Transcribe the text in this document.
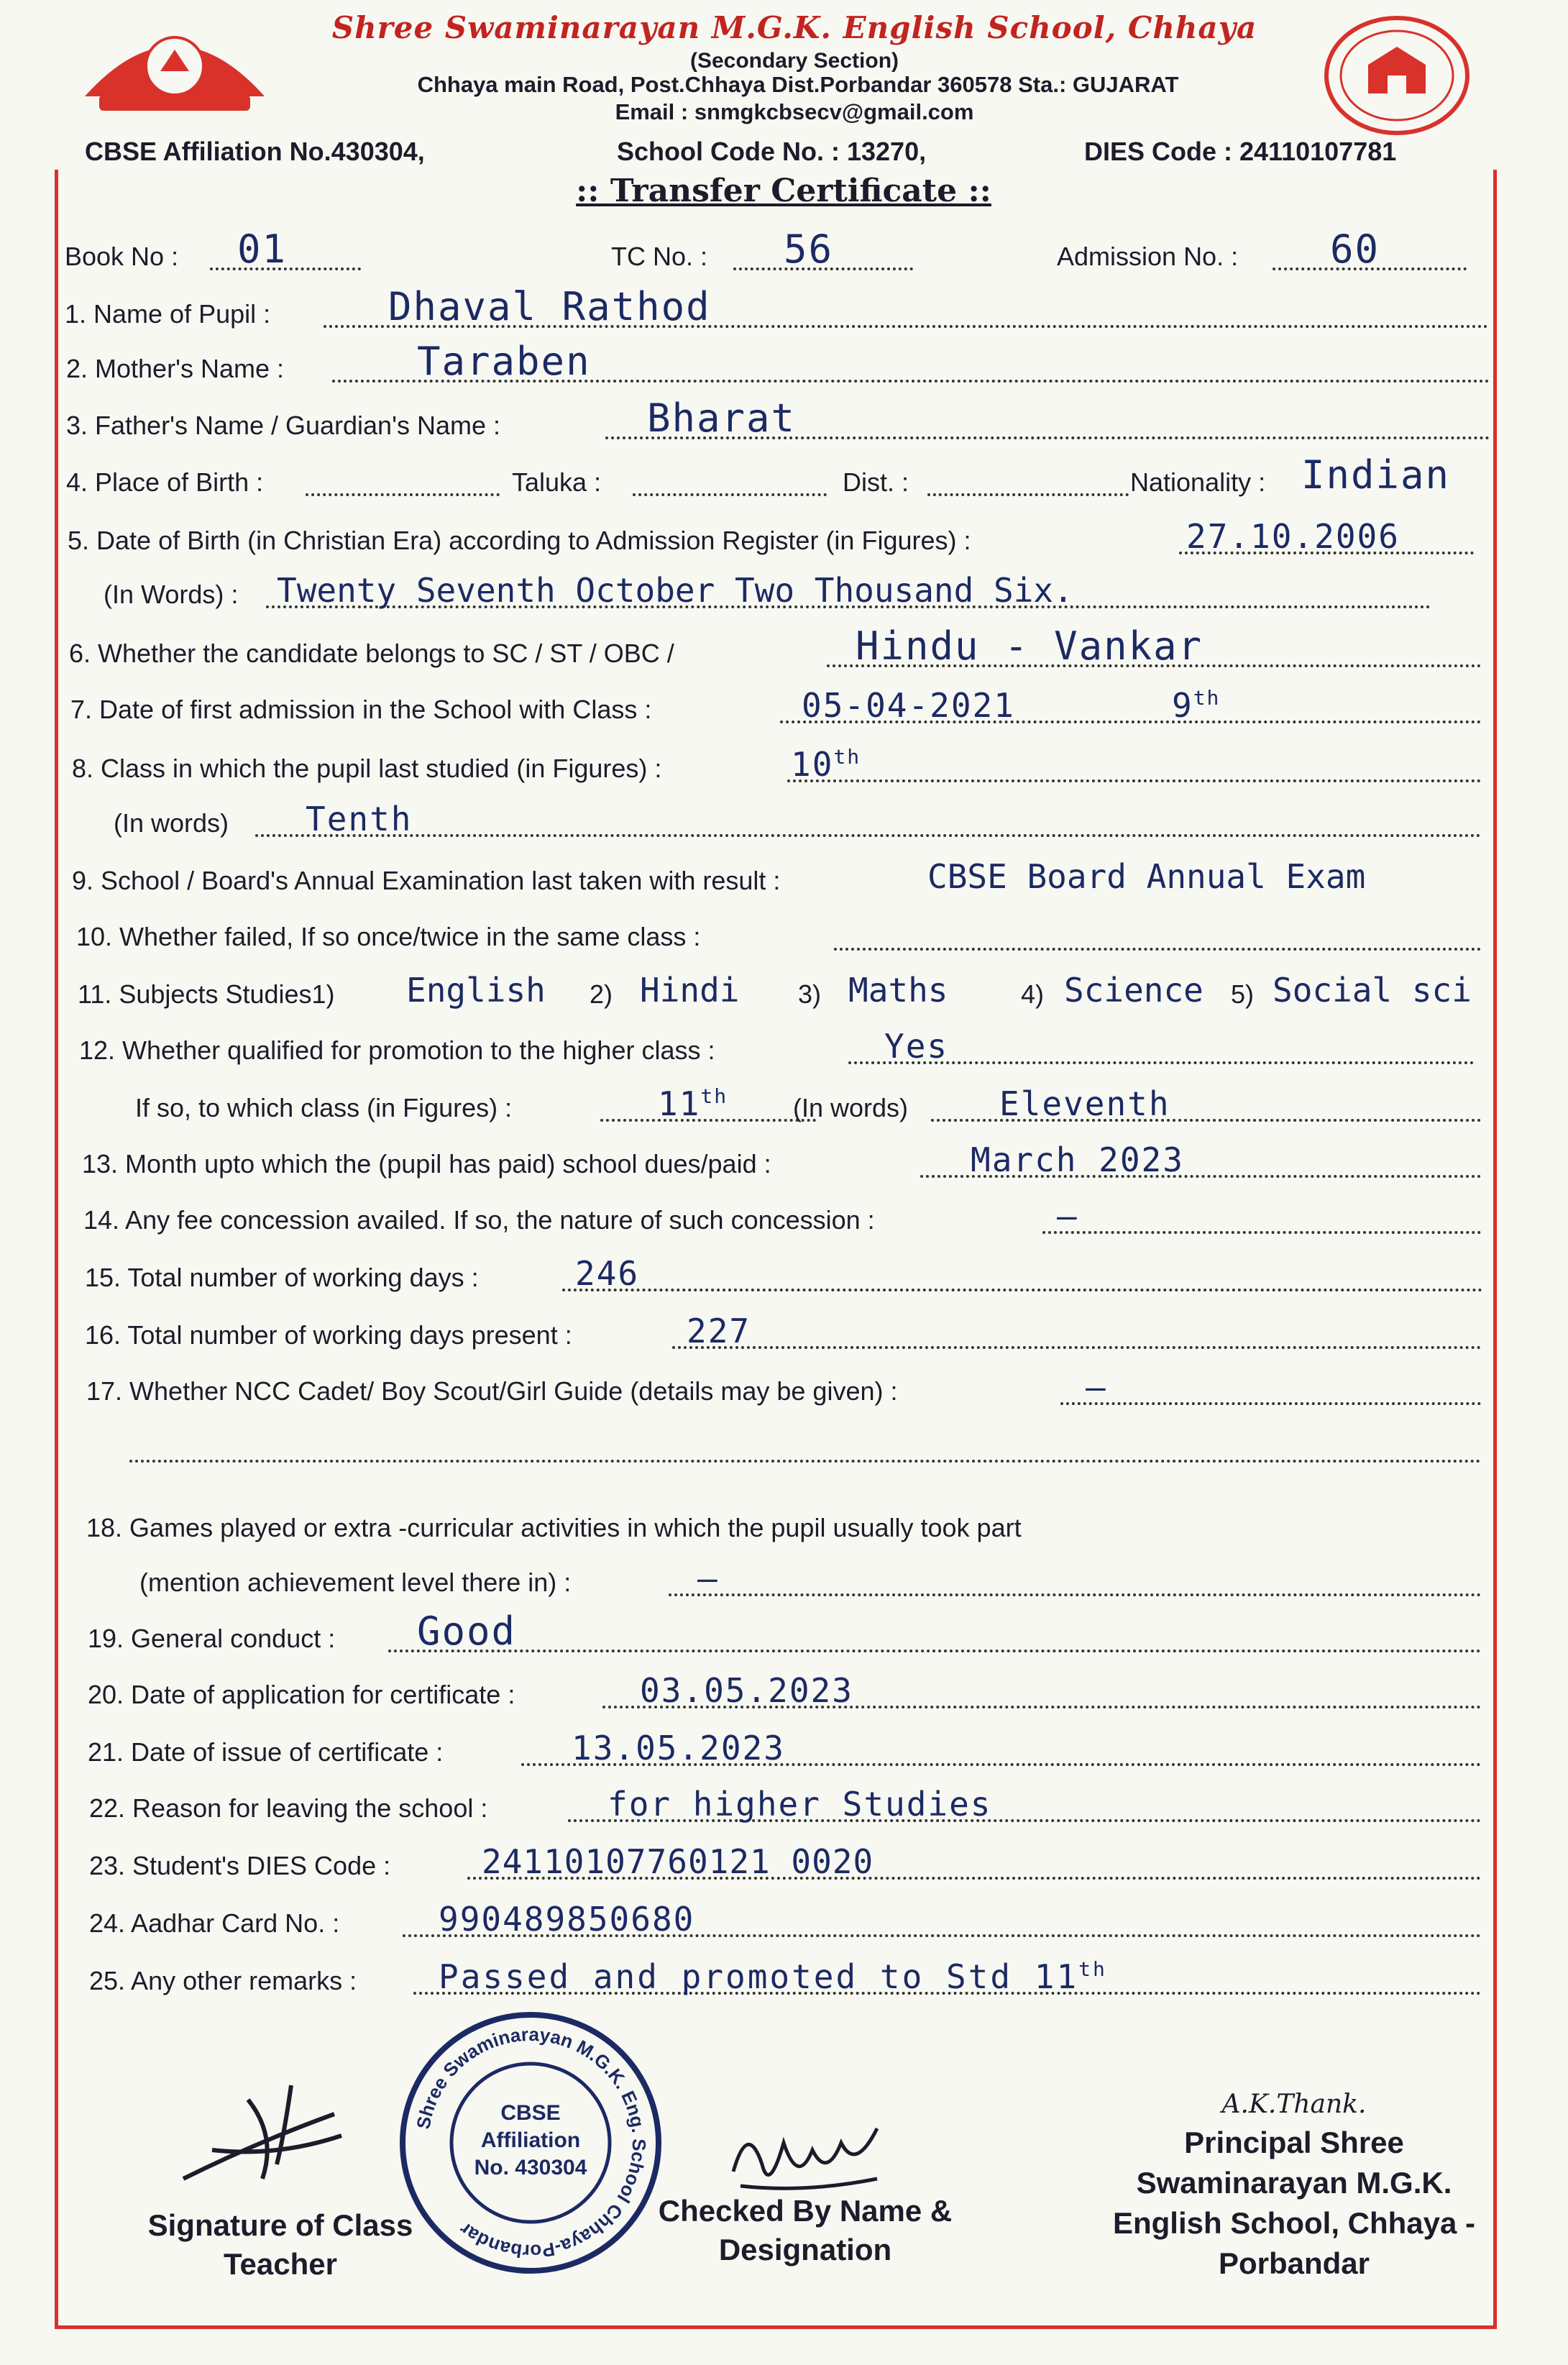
Shree Swaminarayan M.G.K. English School, Chhaya
(Secondary Section)
Chhaya main Road, Post.Chhaya Dist.Porbandar 360578 Sta.: GUJARAT
Email : snmgkcbsecv@gmail.com
CBSE Affiliation No.430304,	School Code No. : 13270,	DIES Code : 24110107781
:: Transfer Certificate ::
Book No : 01	TC No. : 56	Admission No. : 60
1. Name of Pupil :	Dhaval Rathod
2. Mother's Name :	Taraben
3. Father's Name / Guardian's Name :	Bharat
4. Place of Birth :	Taluka :	Dist. :	Nationality : Indian
5. Date of Birth (in Christian Era) according to Admission Register (in Figures) :	27.10.2006
(In Words) : Twenty Seventh October Two Thousand Six.
6. Whether the candidate belongs to SC / ST / OBC /	Hindu - Vankar
7. Date of first admission in the School with Class :	05-04-2021	9th
8. Class in which the pupil last studied (in Figures) :	10th
(In words) Tenth
9. School / Board's Annual Examination last taken with result :	CBSE Board Annual Exam
10. Whether failed, If so once/twice in the same class :
11. Subjects Studies1) English 2) Hindi 3) Maths	4) Science 5) Social sci
12. Whether qualified for promotion to the higher class :	Yes
If so, to which class (in Figures) :	11th	(In words)	Eleventh
13. Month upto which the (pupil has paid) school dues/paid :	March 2023
14. Any fee concession availed. If so, the nature of such concession :	—
15. Total number of working days :	246
16. Total number of working days present :	227
17. Whether NCC Cadet/ Boy Scout/Girl Guide (details may be given) :	—
18. Games played or extra -curricular activities in which the pupil usually took part
(mention achievement level there in) :	—
19. General conduct : Good
20. Date of application for certificate :	03.05.2023
21. Date of issue of certificate :	13.05.2023
22. Reason for leaving the school :	for higher Studies
23. Student's DIES Code :	24110107760121 0020
24. Aadhar Card No. :	990489850680
25. Any other remarks : Passed and promoted to Std 11th
Shree Swaminarayan M.G.K. Eng. School Chhaya-Porbandar
CBSE Affiliation No. 430304
Signature of Class Teacher
Checked By Name & Designation
A.K.Thank.
Principal Shree Swaminarayan M.G.K. English School, Chhaya - Porbandar
